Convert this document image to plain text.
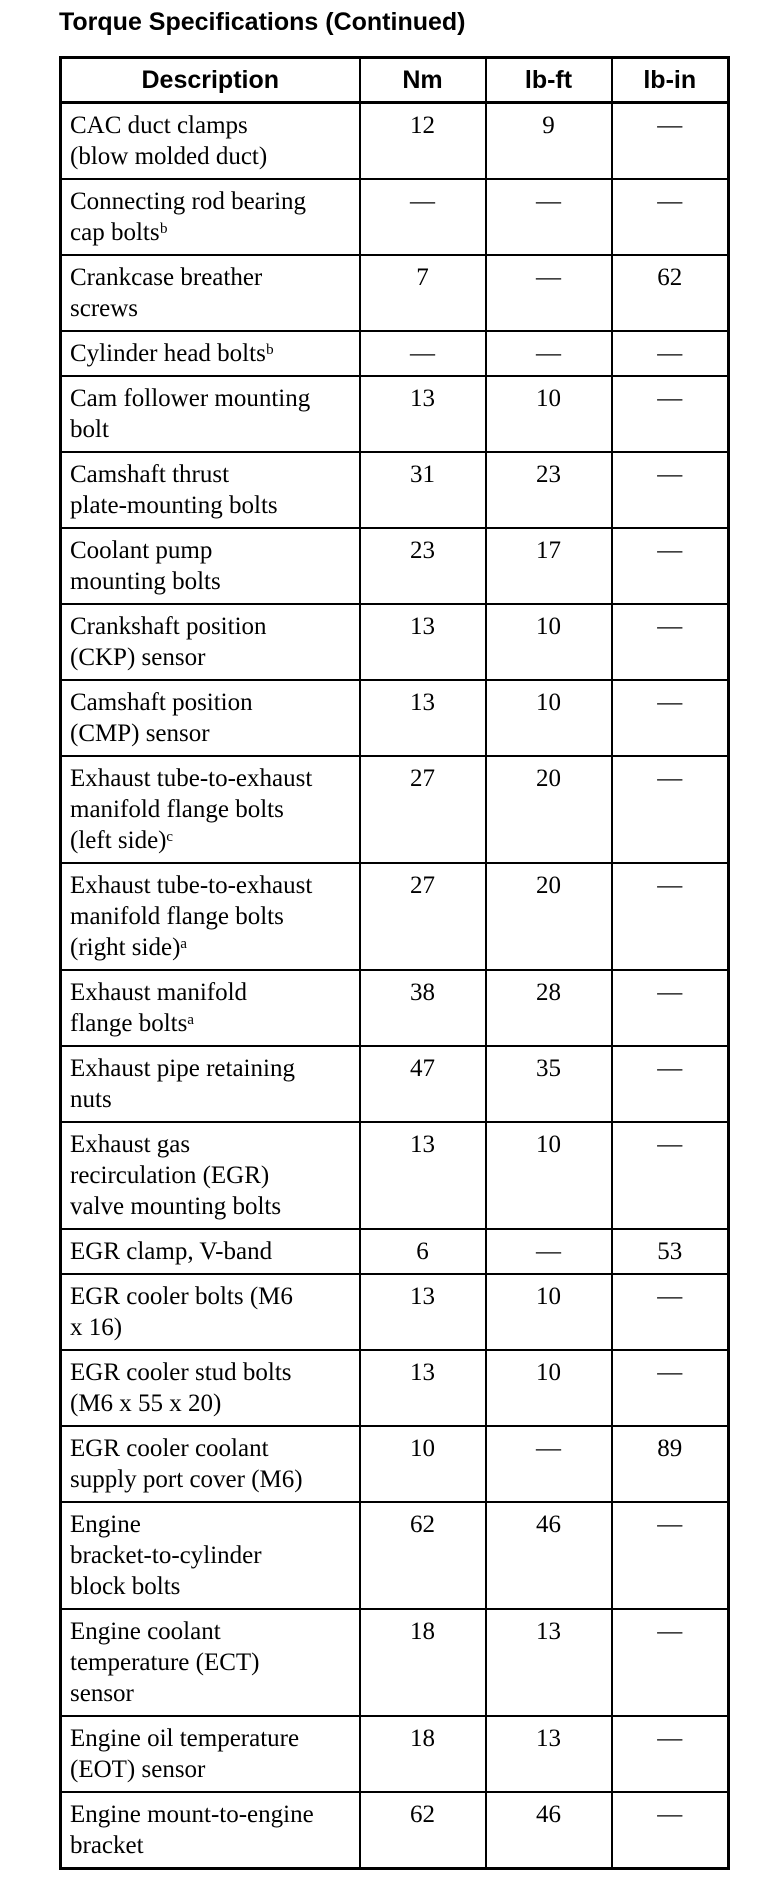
Torque Specifications (Continued)
Description	Nm	lb-ft	lb-in
CAC duct clamps
(blow molded duct)	12	9	—
Connecting rod bearing
cap boltsᵇ	—	—	—
Crankcase breather
screws	7	—	62
Cylinder head boltsᵇ	—	—	—
Cam follower mounting
bolt	13	10	—
Camshaft thrust
plate-mounting bolts	31	23	—
Coolant pump
mounting bolts	23	17	—
Crankshaft position
(CKP) sensor	13	10	—
Camshaft position
(CMP) sensor	13	10	—
Exhaust tube-to-exhaust
manifold flange bolts
(left side)ᶜ	27	20	—
Exhaust tube-to-exhaust
manifold flange bolts
(right side)ᵃ	27	20	—
Exhaust manifold
flange boltsᵃ	38	28	—
Exhaust pipe retaining
nuts	47	35	—
Exhaust gas
recirculation (EGR)
valve mounting bolts	13	10	—
EGR clamp, V-band	6	—	53
EGR cooler bolts (M6
x 16)	13	10	—
EGR cooler stud bolts
(M6 x 55 x 20)	13	10	—
EGR cooler coolant
supply port cover (M6)	10	—	89
Engine
bracket-to-cylinder
block bolts	62	46	—
Engine coolant
temperature (ECT)
sensor	18	13	—
Engine oil temperature
(EOT) sensor	18	13	—
Engine mount-to-engine
bracket	62	46	—
